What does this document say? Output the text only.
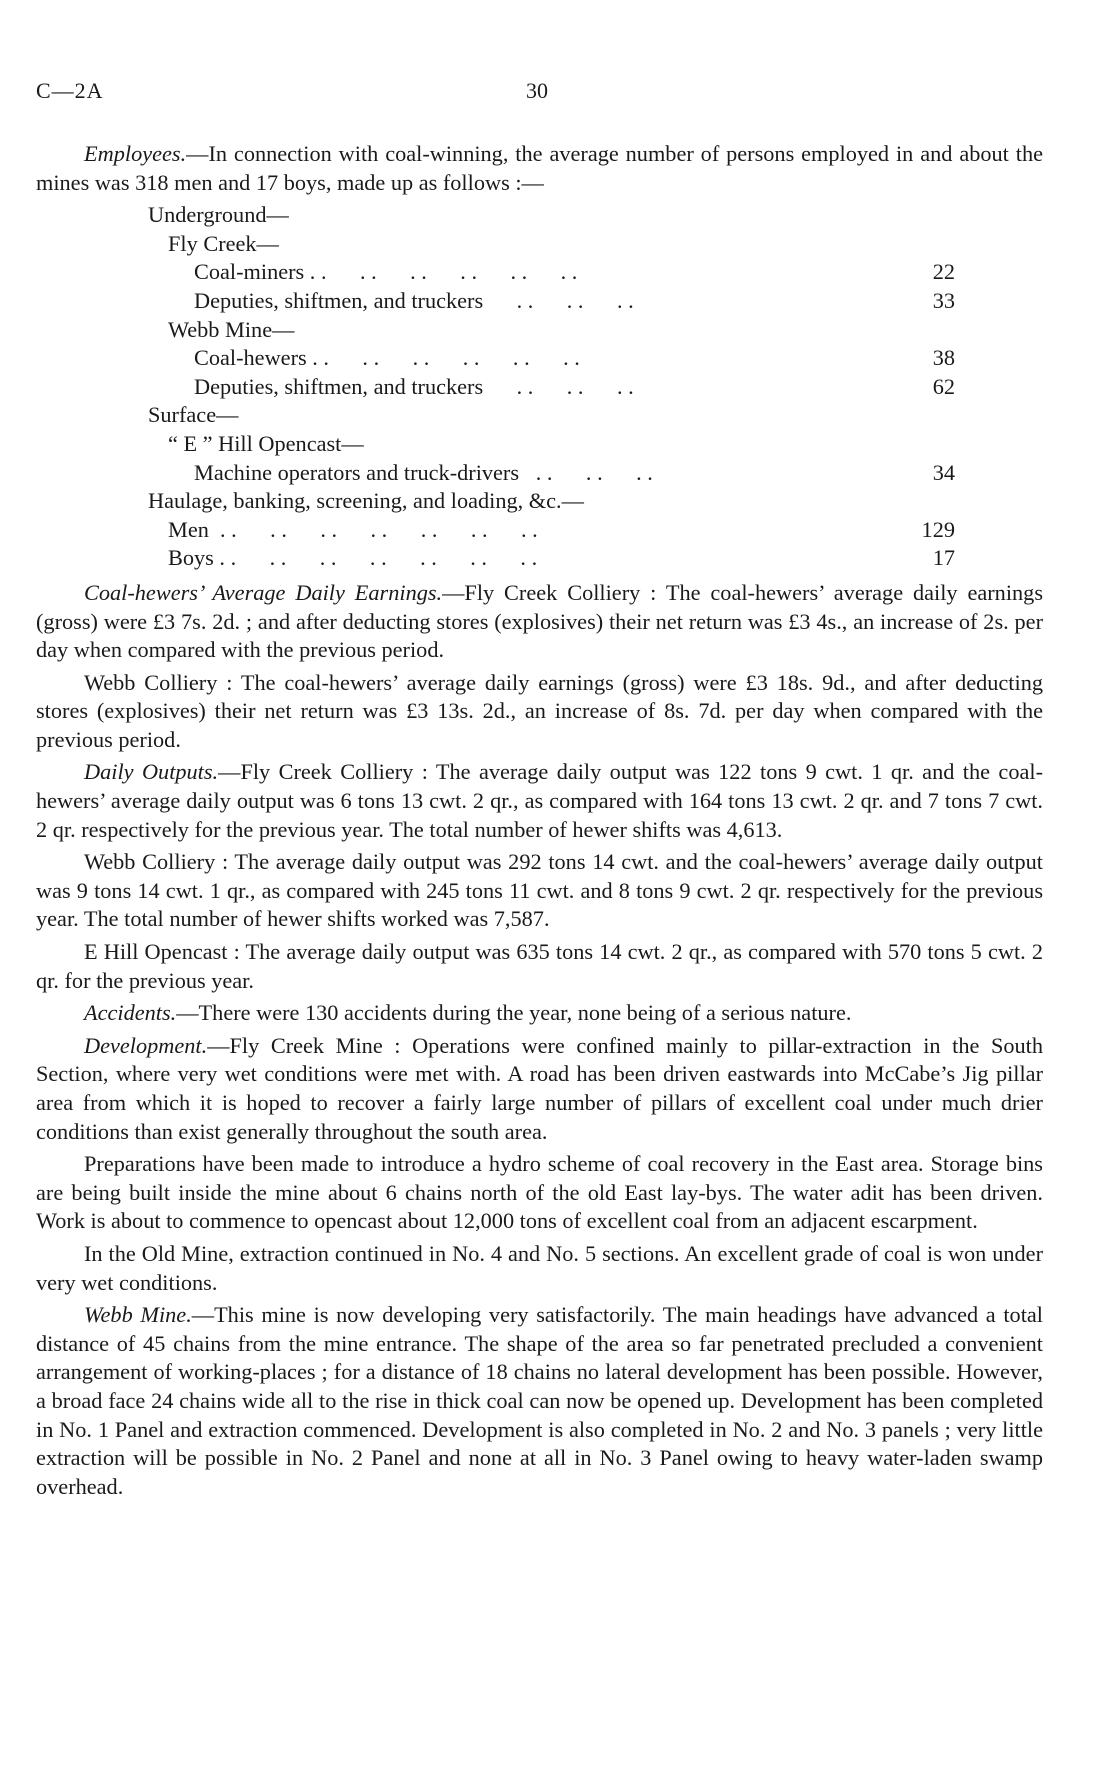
C—2A	30

Employees.—In connection with coal-winning, the average number of persons employed in and about the mines was 318 men and 17 boys, made up as follows :—

Underground—
Fly Creek—
Coal-miners . .      . .      . .      . .      . .      . .	22
Deputies, shiftmen, and truckers      . .      . .      . .	33
Webb Mine—
Coal-hewers . .      . .      . .      . .      . .      . .	38
Deputies, shiftmen, and truckers      . .      . .      . .	62
Surface—
“ E ” Hill Opencast—
Machine operators and truck-drivers   . .      . .      . .	34
Haulage, banking, screening, and loading, &c.—
Men  . .      . .      . .      . .      . .      . .      . .	129
Boys . .      . .      . .      . .      . .      . .      . .	17

Coal-hewers’ Average Daily Earnings.—Fly Creek Colliery : The coal-hewers’ average daily earnings (gross) were £3 7s. 2d. ; and after deducting stores (explosives) their net return was £3 4s., an increase of 2s. per day when compared with the previous period.

Webb Colliery : The coal-hewers’ average daily earnings (gross) were £3 18s. 9d., and after deducting stores (explosives) their net return was £3 13s. 2d., an increase of 8s. 7d. per day when compared with the previous period.

Daily Outputs.—Fly Creek Colliery : The average daily output was 122 tons 9 cwt. 1 qr. and the coal-hewers’ average daily output was 6 tons 13 cwt. 2 qr., as compared with 164 tons 13 cwt. 2 qr. and 7 tons 7 cwt. 2 qr. respectively for the previous year. The total number of hewer shifts was 4,613.

Webb Colliery : The average daily output was 292 tons 14 cwt. and the coal-hewers’ average daily output was 9 tons 14 cwt. 1 qr., as compared with 245 tons 11 cwt. and 8 tons 9 cwt. 2 qr. respectively for the previous year. The total number of hewer shifts worked was 7,587.

E Hill Opencast : The average daily output was 635 tons 14 cwt. 2 qr., as compared with 570 tons 5 cwt. 2 qr. for the previous year.

Accidents.—There were 130 accidents during the year, none being of a serious nature.

Development.—Fly Creek Mine : Operations were confined mainly to pillar-extraction in the South Section, where very wet conditions were met with. A road has been driven eastwards into McCabe’s Jig pillar area from which it is hoped to recover a fairly large number of pillars of excellent coal under much drier conditions than exist generally throughout the south area.

Preparations have been made to introduce a hydro scheme of coal recovery in the East area. Storage bins are being built inside the mine about 6 chains north of the old East lay-bys. The water adit has been driven. Work is about to commence to opencast about 12,000 tons of excellent coal from an adjacent escarpment.

In the Old Mine, extraction continued in No. 4 and No. 5 sections. An excellent grade of coal is won under very wet conditions.

Webb Mine.—This mine is now developing very satisfactorily. The main headings have advanced a total distance of 45 chains from the mine entrance. The shape of the area so far penetrated precluded a convenient arrangement of working-places ; for a distance of 18 chains no lateral development has been possible. However, a broad face 24 chains wide all to the rise in thick coal can now be opened up. Development has been completed in No. 1 Panel and extraction commenced. Development is also completed in No. 2 and No. 3 panels ; very little extraction will be possible in No. 2 Panel and none at all in No. 3 Panel owing to heavy water-laden swamp overhead.
